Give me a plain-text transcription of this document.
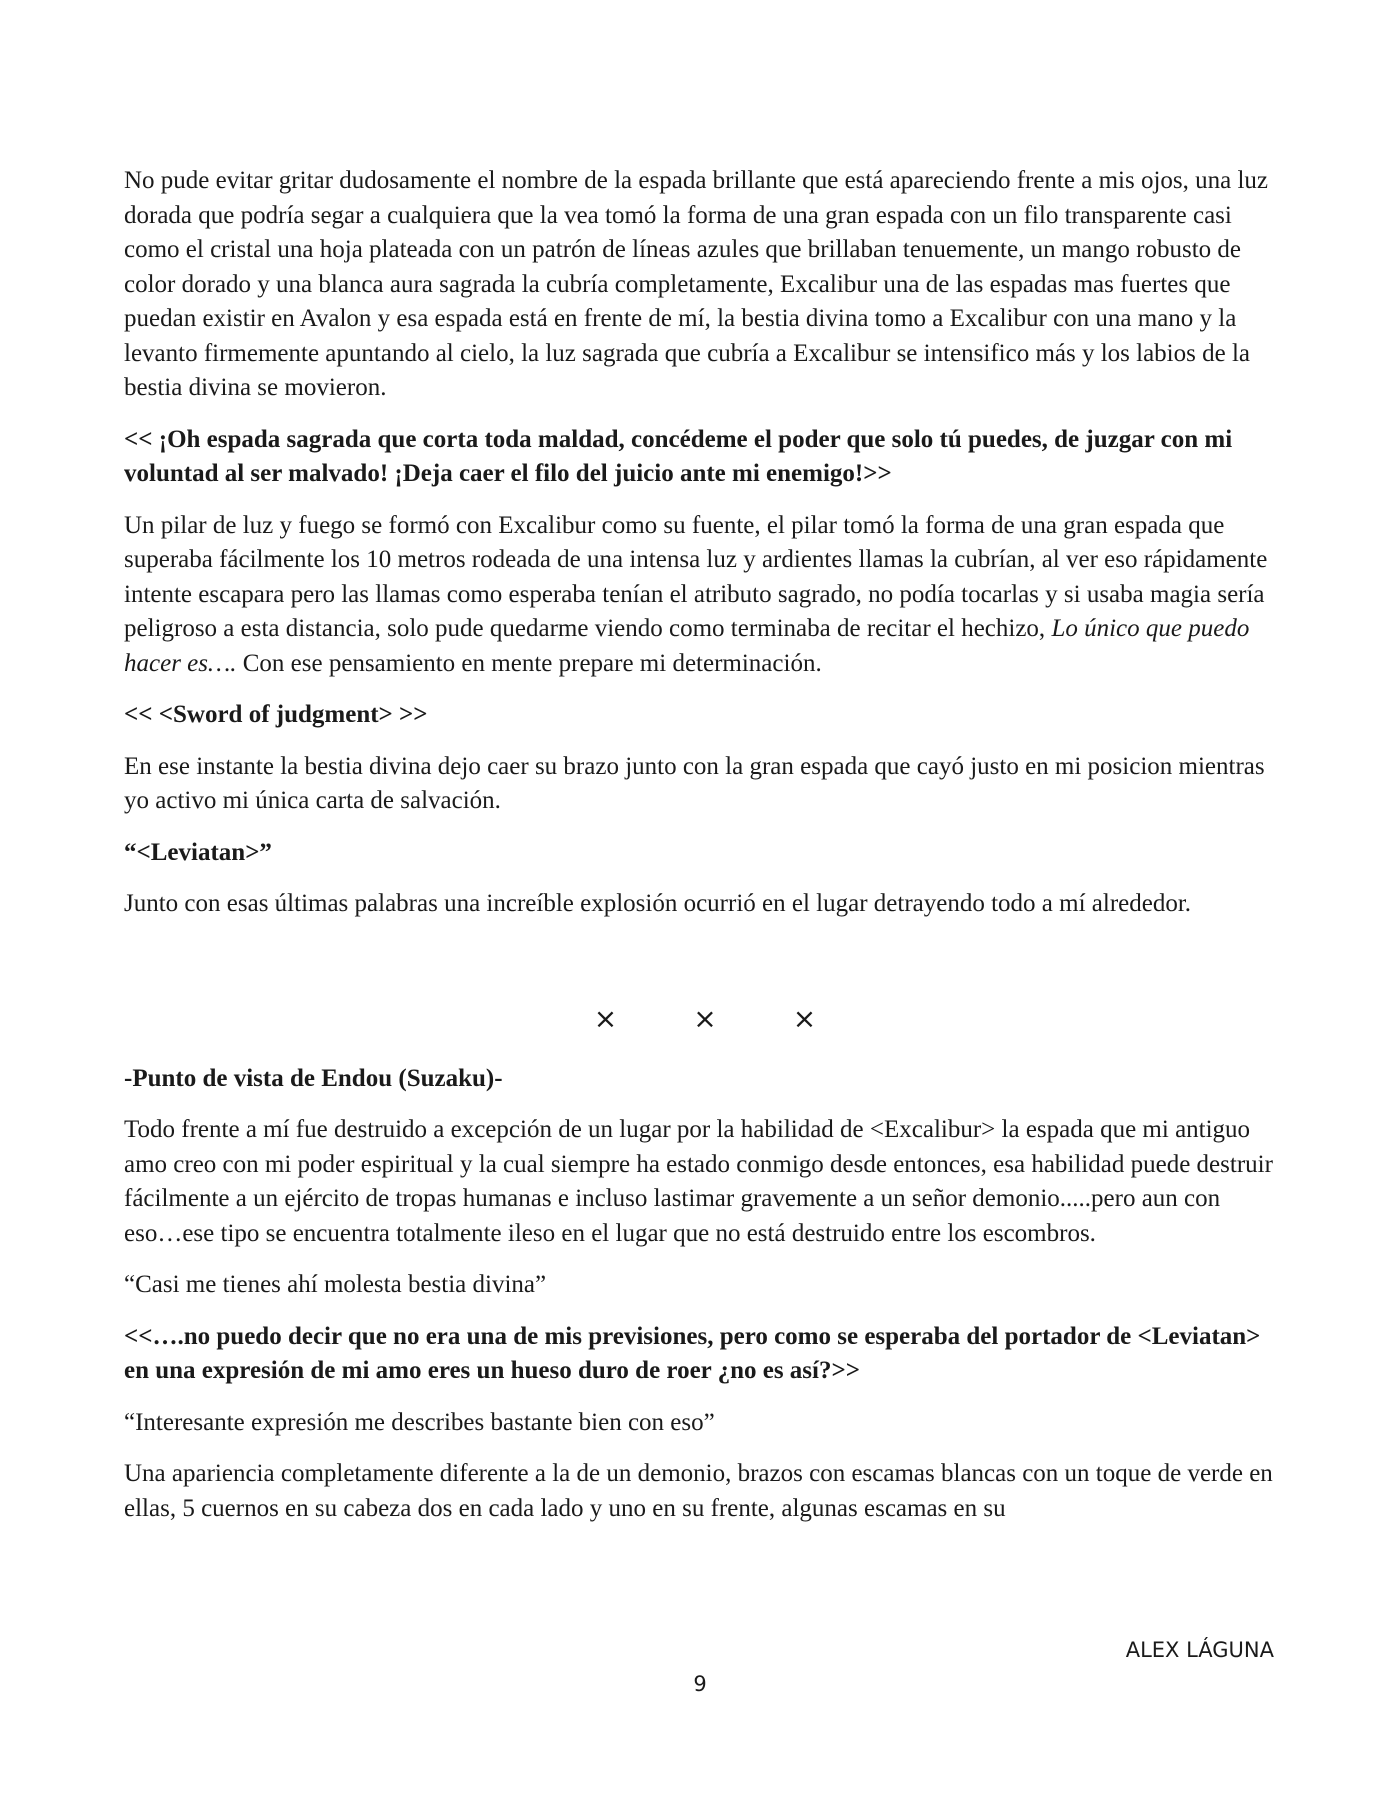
No pude evitar gritar dudosamente el nombre de la espada brillante que está apareciendo frente a mis ojos, una luz dorada que podría segar a cualquiera que la vea tomó la forma de una gran espada con un filo transparente casi como el cristal una hoja plateada con un patrón de líneas azules que brillaban tenuemente, un mango robusto de color dorado y una blanca aura sagrada la cubría completamente, Excalibur una de las espadas mas fuertes que puedan existir en Avalon y esa espada está en frente de mí, la bestia divina tomo a Excalibur con una mano y la levanto firmemente apuntando al cielo, la luz sagrada que cubría a Excalibur se intensifico más y los labios de la bestia divina se movieron.

<< ¡Oh espada sagrada que corta toda maldad, concédeme el poder que solo tú puedes, de juzgar con mi voluntad al ser malvado! ¡Deja caer el filo del juicio ante mi enemigo!>>

Un pilar de luz y fuego se formó con Excalibur como su fuente, el pilar tomó la forma de una gran espada que superaba fácilmente los 10 metros rodeada de una intensa luz y ardientes llamas la cubrían, al ver eso rápidamente intente escapara pero las llamas como esperaba tenían el atributo sagrado, no podía tocarlas y si usaba magia sería peligroso a esta distancia, solo pude quedarme viendo como terminaba de recitar el hechizo, Lo único que puedo hacer es…. Con ese pensamiento en mente prepare mi determinación.

<< <Sword of judgment> >>

En ese instante la bestia divina dejo caer su brazo junto con la gran espada que cayó justo en mi posicion mientras yo activo mi única carta de salvación.

“<Leviatan>”

Junto con esas últimas palabras una increíble explosión ocurrió en el lugar detrayendo todo a mí alrededor.

×	×	×

-Punto de vista de Endou (Suzaku)-

Todo frente a mí fue destruido a excepción de un lugar por la habilidad de <Excalibur> la espada que mi antiguo amo creo con mi poder espiritual y la cual siempre ha estado conmigo desde entonces, esa habilidad puede destruir fácilmente a un ejército de tropas humanas e incluso lastimar gravemente a un señor demonio.....pero aun con eso…ese tipo se encuentra totalmente ileso en el lugar que no está destruido entre los escombros.

“Casi me tienes ahí molesta bestia divina”

<<….no puedo decir que no era una de mis previsiones, pero como se esperaba del portador de <Leviatan> en una expresión de mi amo eres un hueso duro de roer ¿no es así?>>

“Interesante expresión me describes bastante bien con eso”

Una apariencia completamente diferente a la de un demonio, brazos con escamas blancas con un toque de verde en ellas, 5 cuernos en su cabeza dos en cada lado y uno en su frente, algunas escamas en su

ALEX LÁGUNA
9
